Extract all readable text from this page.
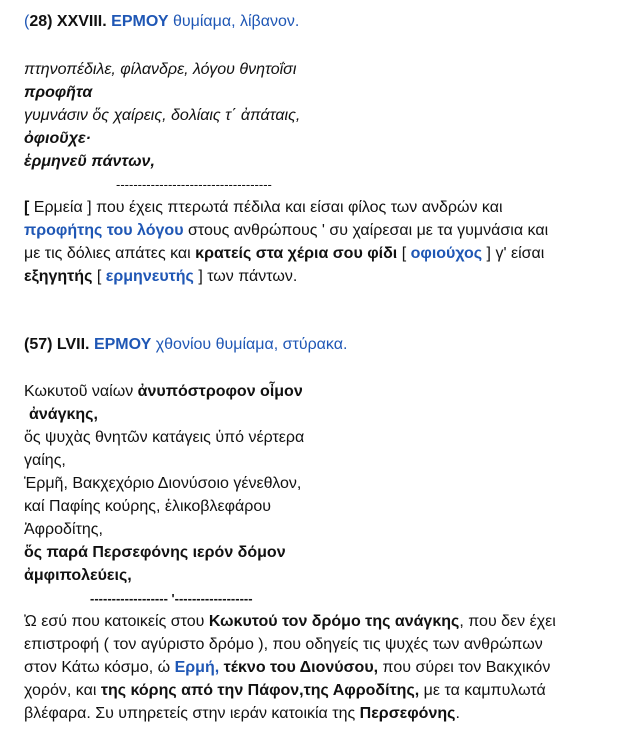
(28) XXVIII. ΕΡΜΟΥ θυμίαμα, λίβανον.
πτηνοπέδιλε, φίλανδρε, λόγου θνητοΐσι
προφῆτα
γυμνάσιν ὅς χαίρεις, δολίαις τ΄ ἀπάταις,
ὀφιοῦχε·
ἑρμηνεῦ πάντων,
------------------------------------
[ Ερμεία ] που έχεις πτερωτά πέδιλα και είσαι φίλος των ανδρών και
προφήτης του λόγου στους ανθρώπους ' συ χαίρεσαι με τα γυμνάσια και
με τις δόλιες απάτες και κρατείς στα χέρια σου φίδι [ οφιούχος ] γ' είσαι
εξηγητής [ ερμηνευτής ] των πάντων.
(57) LVII. ΕΡΜΟΥ χθονίου θυμίαμα, στύρακα.
Κωκυτοῦ ναίων ἀνυπόστροφον οἶμον
ἀνάγκης,
ὅς ψυχὰς θνητῶν κατάγεις ὑπό νέρτερα
γαίης,
Ἑρμῆ, Βακχεχόριο Διονύσοιο γένεθλον,
καί Παφίης κούρης, ἑλικοβλεφάρου
Ἀφροδίτης,
ὅς παρά Περσεφόνης ιερόν δόμον
ἀμφιπολεύεις,
------------------ '------------------
Ὠ εσύ που κατοικείς στου Κωκυτού τον δρόμο της ανάγκης, που δεν έχει
επιστροφή ( τον αγύριστο δρόμο ), που οδηγείς τις ψυχές των ανθρώπων
στον Κάτω κόσμο, ώ Ερμή, τέκνο του Διονύσου, που σύρει τον Βακχικόν
χορόν, και της κόρης από την Πάφον,της Αφροδίτης, με τα καμπυλωτά
βλέφαρα. Συ υπηρετείς στην ιεράν κατοικία της Περσεφόνης.
